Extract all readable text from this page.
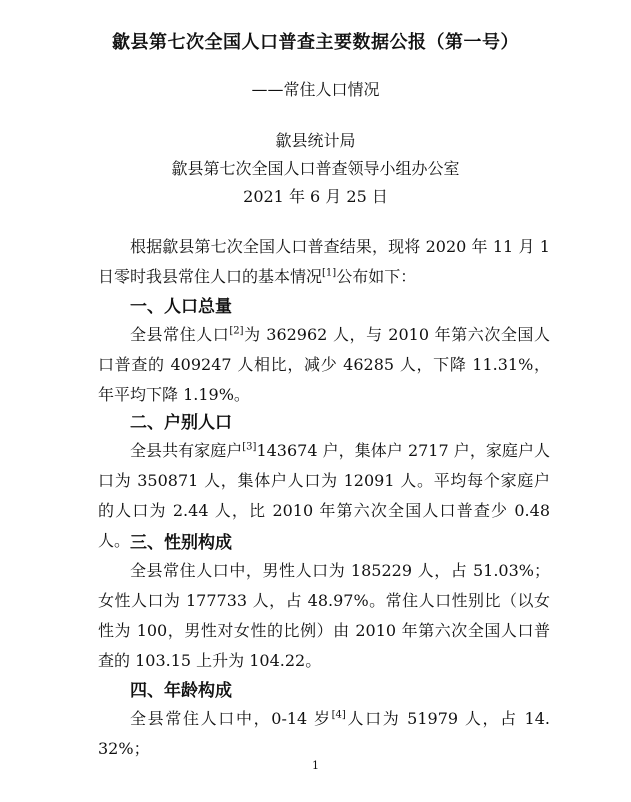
歙县第七次全国人口普查主要数据公报（第一号）
——常住人口情况
歙县统计局
歙县第七次全国人口普查领导小组办公室
2021 年 6 月 25 日
根据歙县第七次全国人口普查结果，现将 2020 年 11 月 1 日零时我县常住人口的基本情况[1]公布如下：
一、人口总量
全县常住人口[2]为 362962 人，与 2010 年第六次全国人口普查的 409247 人相比，减少 46285 人，下降 11.31%，年平均下降 1.19%。
二、户别人口
全县共有家庭户[3]143674 户，集体户 2717 户，家庭户人口为 350871 人，集体户人口为 12091 人。平均每个家庭户的人口为 2.44 人，比 2010 年第六次全国人口普查少 0.48 人。 三、性别构成
全县常住人口中，男性人口为 185229 人，占 51.03%；女性人口为 177733 人，占 48.97%。常住人口性别比（以女性为 100，男性对女性的比例）由 2010 年第六次全国人口普查的 103.15 上升为 104.22。
四、年龄构成
全县常住人口中，0-14 岁[4]人口为 51979 人，占 14. 32%；
1
